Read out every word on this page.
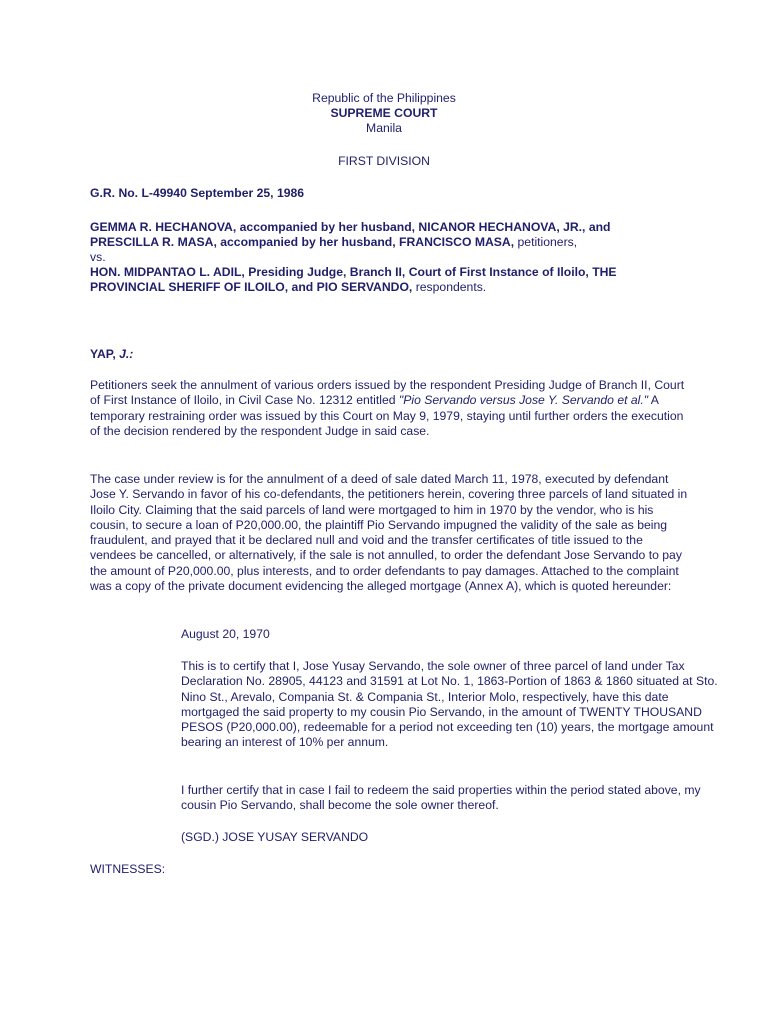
Republic of the Philippines
SUPREME COURT
Manila
FIRST DIVISION
G.R. No. L-49940 September 25, 1986
GEMMA R. HECHANOVA, accompanied by her husband, NICANOR HECHANOVA, JR., and
PRESCILLA R. MASA, accompanied by her husband, FRANCISCO MASA, petitioners,
vs.
HON. MIDPANTAO L. ADIL, Presiding Judge, Branch II, Court of First Instance of Iloilo, THE
PROVINCIAL SHERIFF OF ILOILO, and PIO SERVANDO, respondents.
YAP, J.:
Petitioners seek the annulment of various orders issued by the respondent Presiding Judge of Branch II, Court of First Instance of Iloilo, in Civil Case No. 12312 entitled "Pio Servando versus Jose Y. Servando et al." A temporary restraining order was issued by this Court on May 9, 1979, staying until further orders the execution of the decision rendered by the respondent Judge in said case.
The case under review is for the annulment of a deed of sale dated March 11, 1978, executed by defendant Jose Y. Servando in favor of his co-defendants, the petitioners herein, covering three parcels of land situated in Iloilo City. Claiming that the said parcels of land were mortgaged to him in 1970 by the vendor, who is his cousin, to secure a loan of P20,000.00, the plaintiff Pio Servando impugned the validity of the sale as being fraudulent, and prayed that it be declared null and void and the transfer certificates of title issued to the vendees be cancelled, or alternatively, if the sale is not annulled, to order the defendant Jose Servando to pay the amount of P20,000.00, plus interests, and to order defendants to pay damages. Attached to the complaint was a copy of the private document evidencing the alleged mortgage (Annex A), which is quoted hereunder:
August 20, 1970
This is to certify that I, Jose Yusay Servando, the sole owner of three parcel of land under Tax Declaration No. 28905, 44123 and 31591 at Lot No. 1, 1863-Portion of 1863 & 1860 situated at Sto. Nino St., Arevalo, Compania St. & Compania St., Interior Molo, respectively, have this date mortgaged the said property to my cousin Pio Servando, in the amount of TWENTY THOUSAND PESOS (P20,000.00), redeemable for a period not exceeding ten (10) years, the mortgage amount bearing an interest of 10% per annum.
I further certify that in case I fail to redeem the said properties within the period stated above, my cousin Pio Servando, shall become the sole owner thereof.
(SGD.) JOSE YUSAY SERVANDO
WITNESSES:
